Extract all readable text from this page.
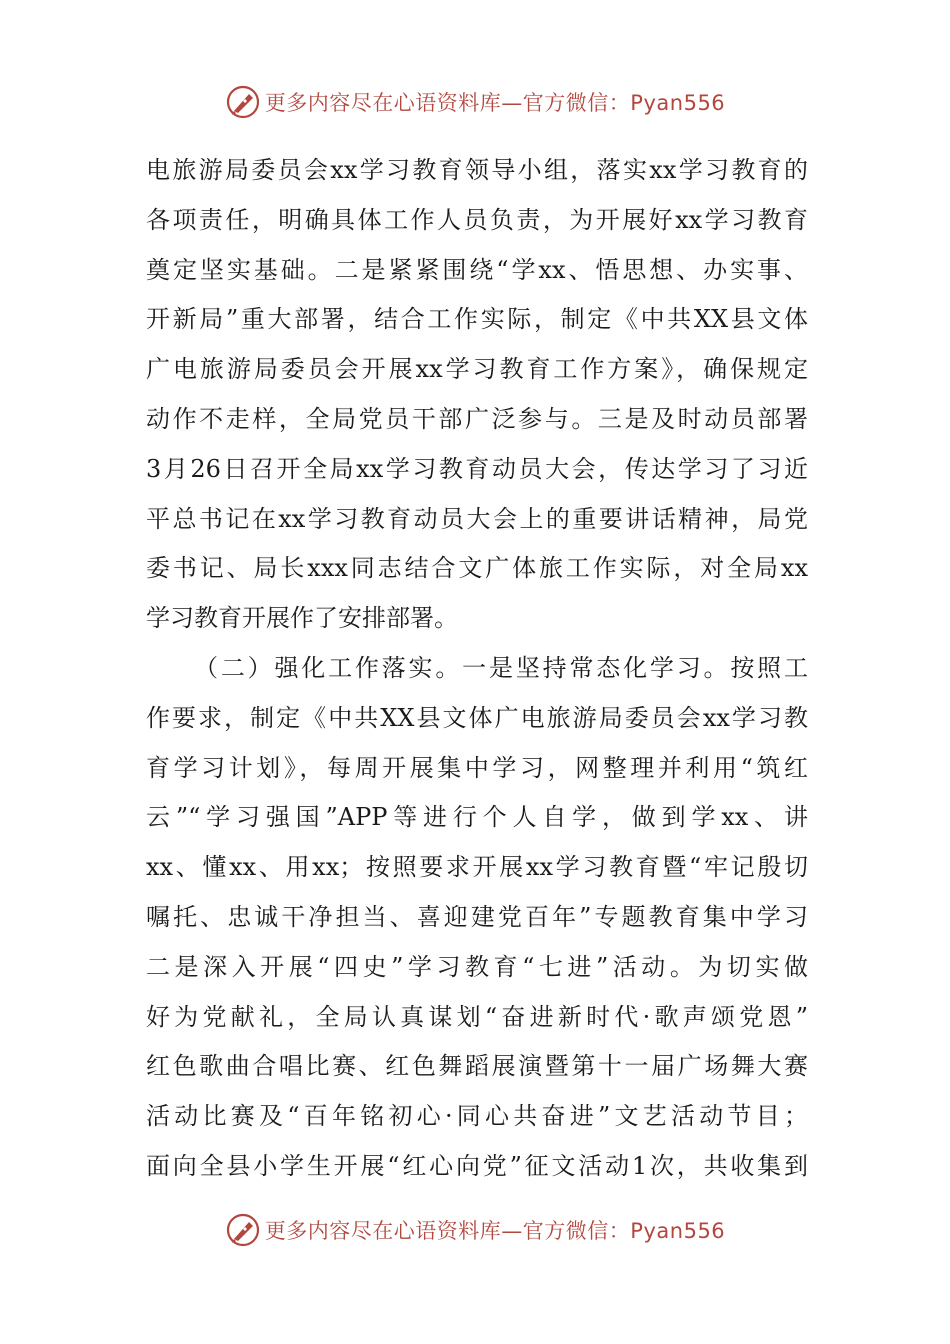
更多内容尽在心语资料库—官方微信：Pyan556
电旅游局委员会xx学习教育领导小组，落实xx学习教育的
各项责任，明确具体工作人员负责，为开展好xx学习教育
奠定坚实基础。二是紧紧围绕“学xx、悟思想、办实事、
开新局”重大部署，结合工作实际，制定《中共XX县文体
广电旅游局委员会开展xx学习教育工作方案》，确保规定
动作不走样，全局党员干部广泛参与。三是及时动员部署
3月26日召开全局xx学习教育动员大会，传达学习了习近
平总书记在xx学习教育动员大会上的重要讲话精神，局党
委书记、局长xxx同志结合文广体旅工作实际，对全局xx
学习教育开展作了安排部署。
（二）强化工作落实。一是坚持常态化学习。按照工
作要求，制定《中共XX县文体广电旅游局委员会xx学习教
育学习计划》，每周开展集中学习，网整理并利用“筑红
云”“学习强国”APP等进行个人自学，做到学xx、讲
xx、懂xx、用xx；按照要求开展xx学习教育暨“牢记殷切
嘱托、忠诚干净担当、喜迎建党百年”专题教育集中学习
二是深入开展“四史”学习教育“七进”活动。为切实做
好为党献礼，全局认真谋划“奋进新时代·歌声颂党恩”
红色歌曲合唱比赛、红色舞蹈展演暨第十一届广场舞大赛
活动比赛及“百年铭初心·同心共奋进”文艺活动节目；
面向全县小学生开展“红心向党”征文活动1次，共收集到
更多内容尽在心语资料库—官方微信：Pyan556
